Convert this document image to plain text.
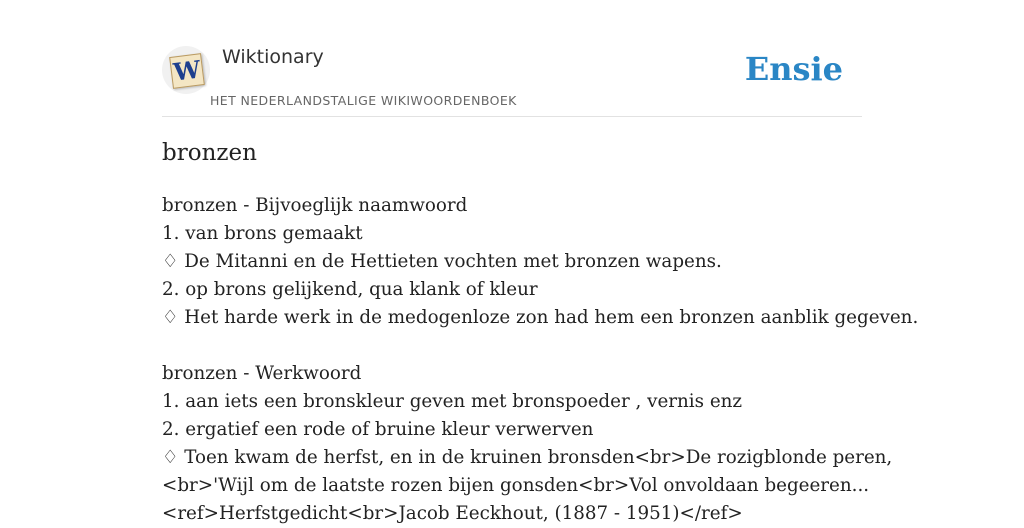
W Wiktionary
HET NEDERLANDSTALIGE WIKIWOORDENBOEK
Ensie
bronzen
bronzen - Bijvoeglijk naamwoord
1. van brons gemaakt
♢ De Mitanni en de Hettieten vochten met bronzen wapens.
2. op brons gelijkend, qua klank of kleur
♢ Het harde werk in de medogenloze zon had hem een bronzen aanblik gegeven.
bronzen - Werkwoord
1. aan iets een bronskleur geven met bronspoeder , vernis enz
2. ergatief een rode of bruine kleur verwerven
♢ Toen kwam de herfst, en in de kruinen bronsden<br>De rozigblonde peren,
<br>'Wijl om de laatste rozen bijen gonsden<br>Vol onvoldaan begeeren...
<ref>Herfstgedicht<br>Jacob Eeckhout, (1887 - 1951)</ref>
